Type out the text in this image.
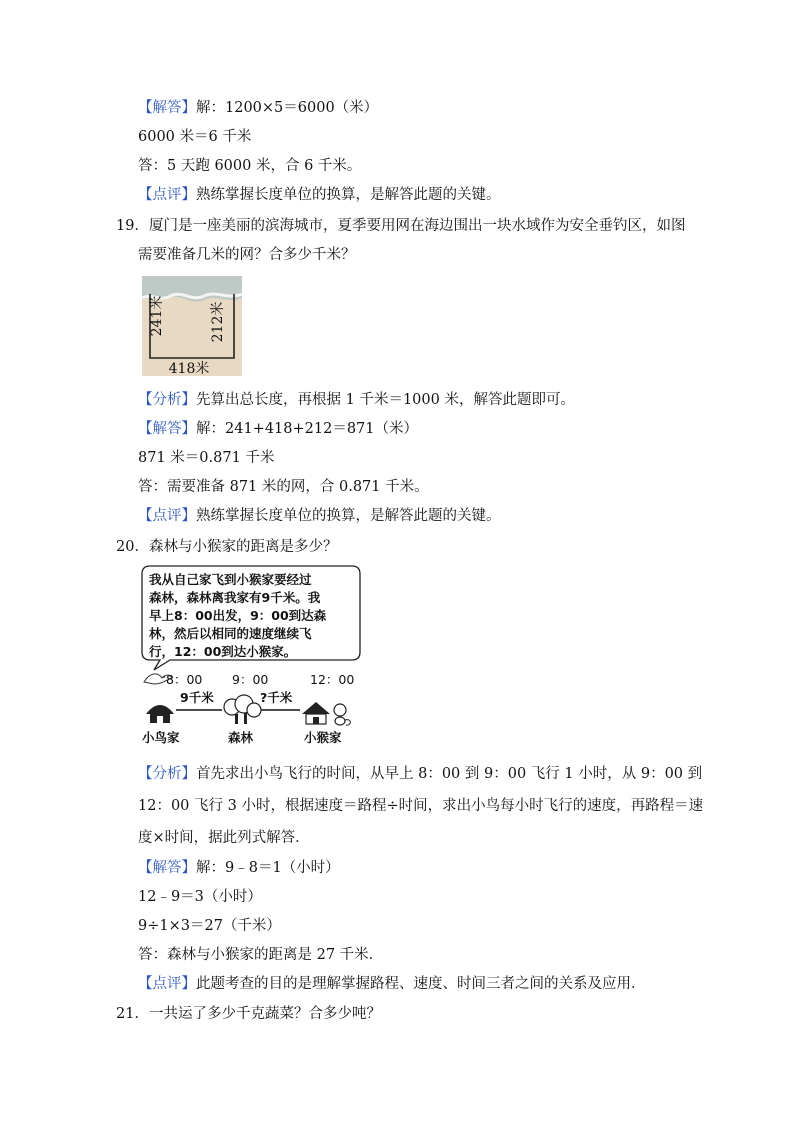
【解答】解：1200×5＝6000（米）
6000 米＝6 千米
答：5 天跑 6000 米，合 6 千米。
【点评】熟练掌握长度单位的换算，是解答此题的关键。
19．厦门是一座美丽的滨海城市，夏季要用网在海边围出一块水域作为安全垂钓区，如图
需要准备几米的网？合多少千米？
241米	212米
418米
【分析】先算出总长度，再根据 1 千米＝1000 米，解答此题即可。
【解答】解：241+418+212＝871（米）
871 米＝0.871 千米
答：需要准备 871 米的网，合 0.871 千米。
【点评】熟练掌握长度单位的换算，是解答此题的关键。
20．森林与小猴家的距离是多少？
我从自己家飞到小猴家要经过
森林，森林离我家有9千米。我
早上8：00出发，9：00到达森
林，然后以相同的速度继续飞
行，12：00到达小猴家。
8：00 9：00	12：00
9千米	?千米
小鸟家	森林	小猴家
【分析】首先求出小鸟飞行的时间，从早上 8：00 到 9：00 飞行 1 小时，从 9：00 到
12：00 飞行 3 小时，根据速度＝路程÷时间，求出小鸟每小时飞行的速度，再路程＝速
度×时间，据此列式解答．
【解答】解：9﹣8＝1（小时）
12﹣9＝3（小时）
9÷1×3＝27（千米）
答：森林与小猴家的距离是 27 千米．
【点评】此题考查的目的是理解掌握路程、速度、时间三者之间的关系及应用．
21．一共运了多少千克蔬菜？合多少吨？
